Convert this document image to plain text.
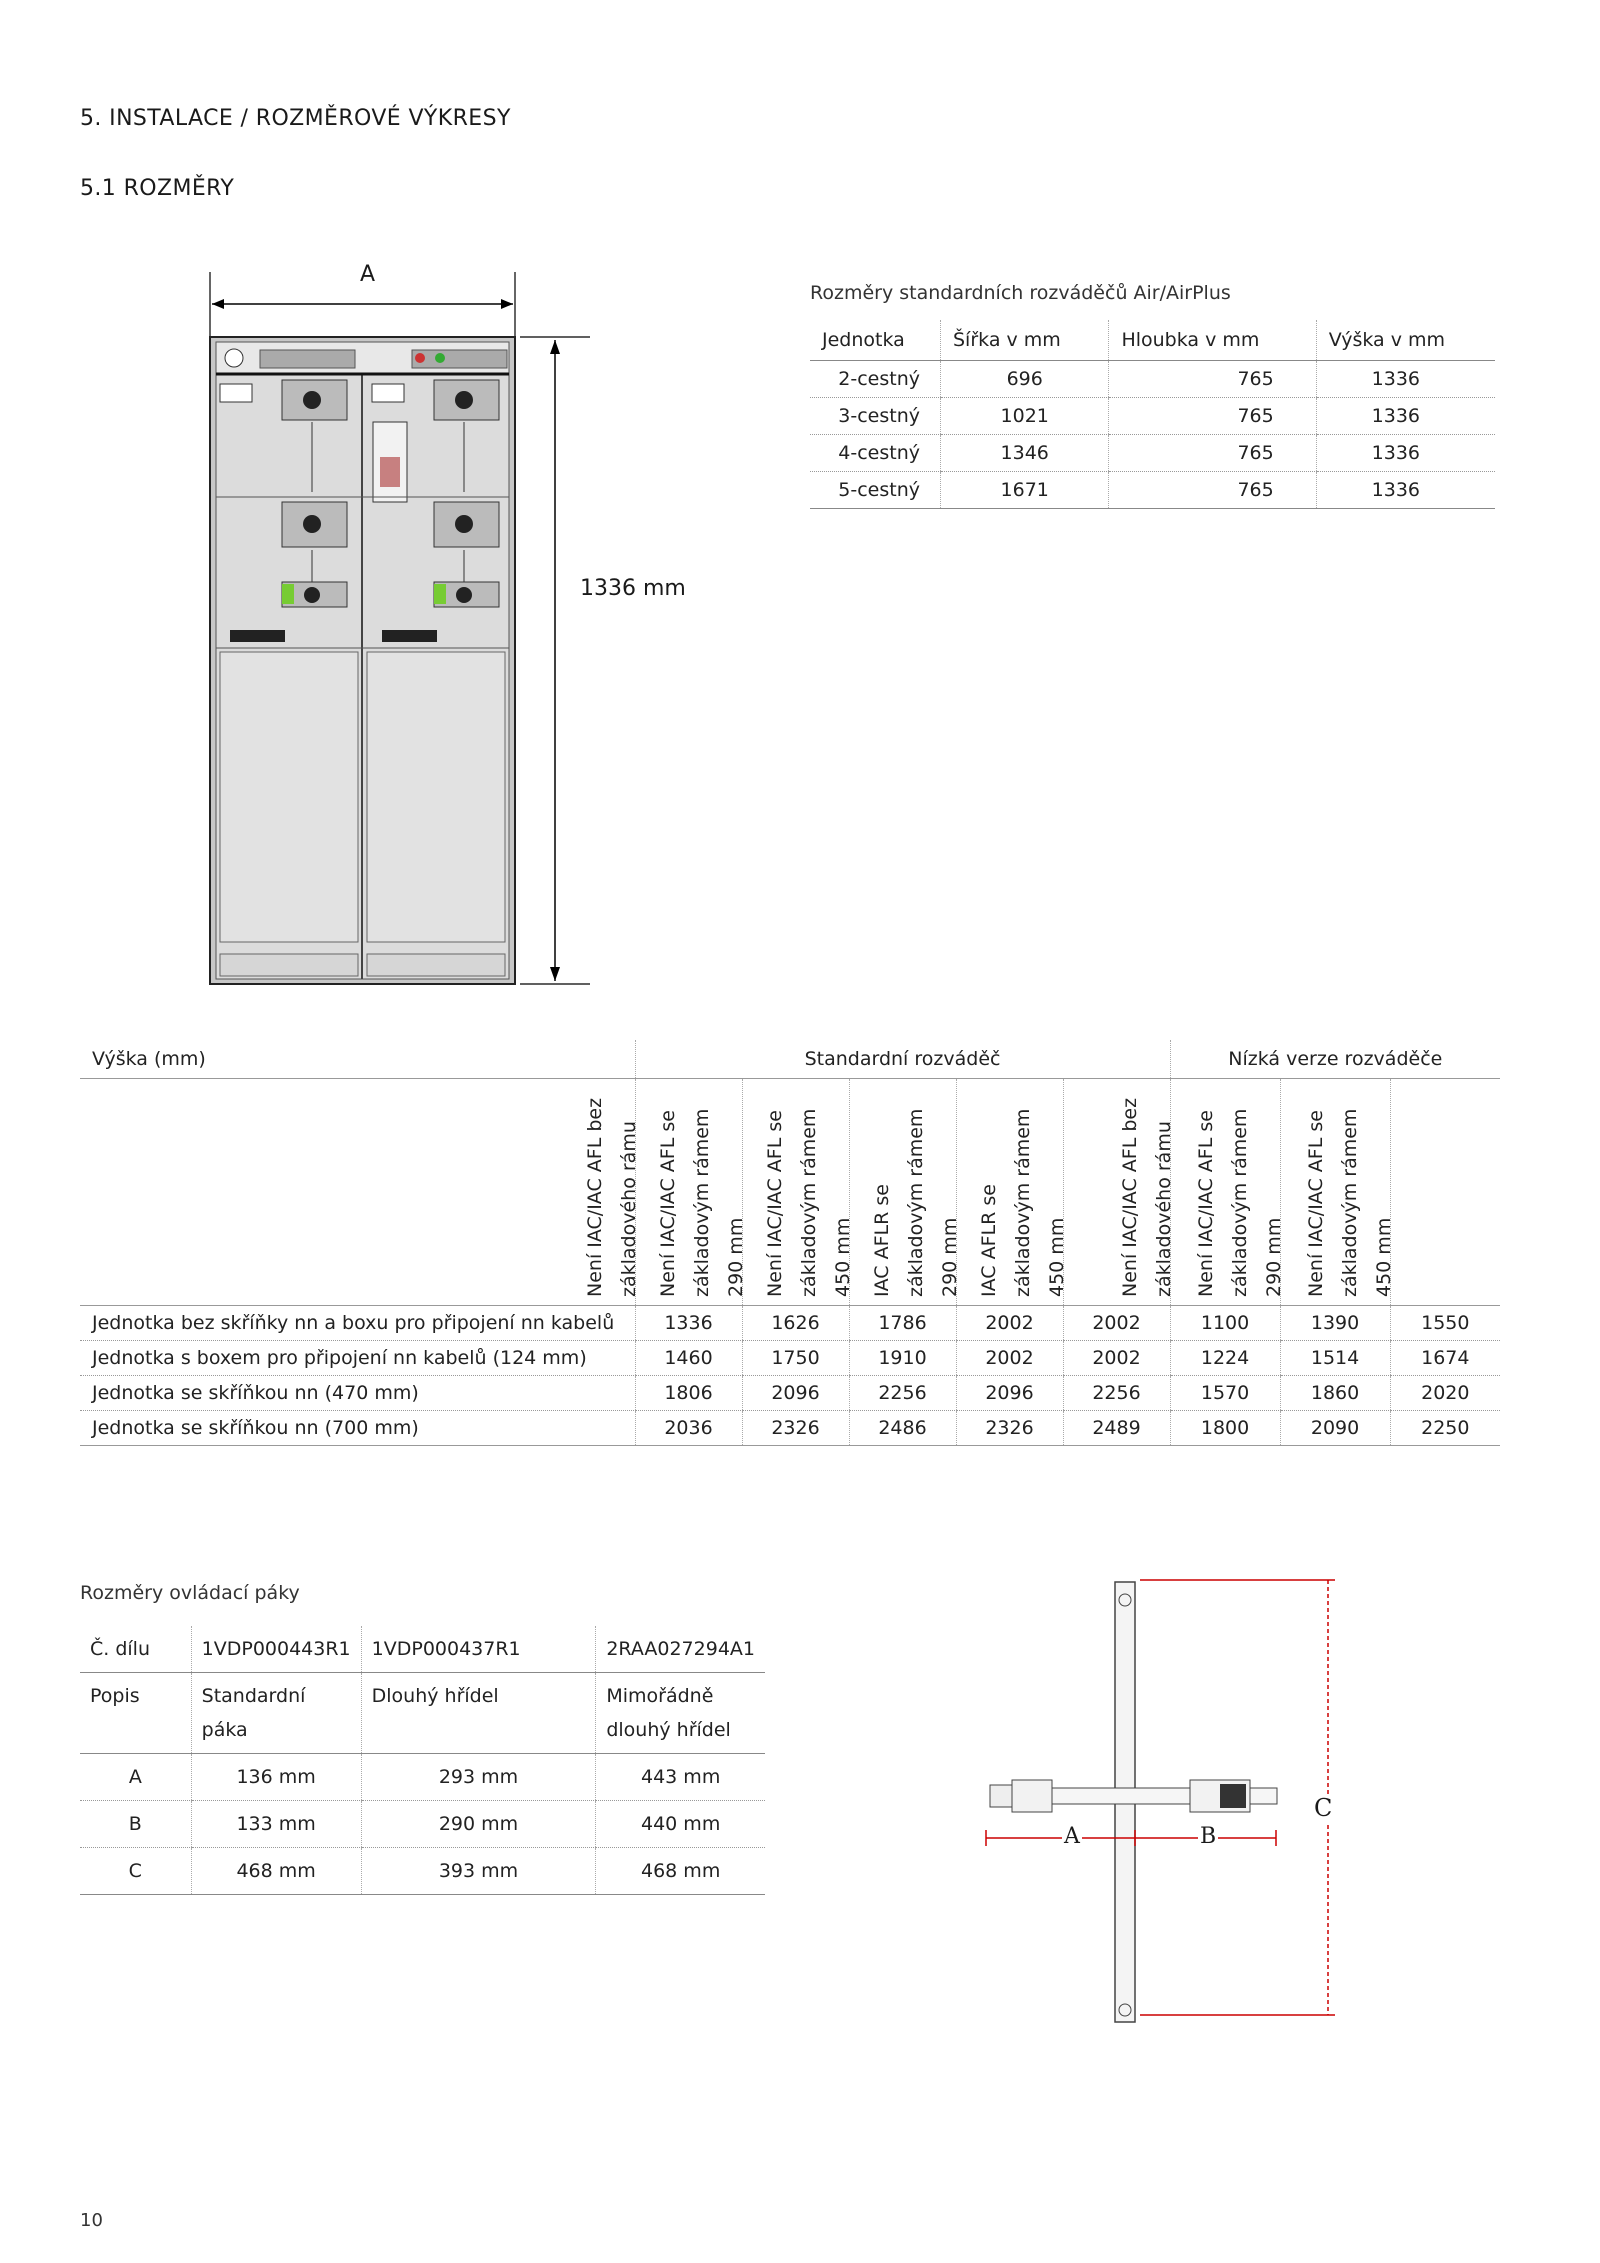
5. INSTALACE / ROZMĚROVÉ VÝKRESY
5.1 ROZMĚRY
A
1336 mm
Rozměry standardních rozváděčů Air/AirPlus
Jednotka	Šířka v mm	Hloubka v mm	Výška v mm
2-cestný	696	765	1336
3-cestný	1021	765	1336
4-cestný	1346	765	1336
5-cestný	1671	765	1336
Výška (mm)	Standardní rozváděč					Nízká verze rozváděče		

	Není IAC/IAC AFL bez základového rámu	Není IAC/IAC AFL se základovým rámem 290 mm	Není IAC/IAC AFL se základovým rámem 450 mm	IAC AFLR se základovým rámem 290 mm	IAC AFLR se základovým rámem 450 mm	Není IAC/IAC AFL bez základového rámu	Není IAC/IAC AFL se základovým rámem 290 mm	Není IAC/IAC AFL se základovým rámem 450 mm

Jednotka bez skříňky nn a boxu pro připojení nn kabelů	1336	1626	1786	2002	2002	1100	1390	1550
Jednotka s boxem pro připojení nn kabelů (124 mm)	1460	1750	1910	2002	2002	1224	1514	1674
Jednotka se skříňkou nn (470 mm)	1806	2096	2256	2096	2256	1570	1860	2020
Jednotka se skříňkou nn (700 mm)	2036	2326	2486	2326	2489	1800	2090	2250
Rozměry ovládací páky
Č. dílu	1VDP000443R1	1VDP000437R1	2RAA027294A1
Popis	Standardní páka	Dlouhý hřídel	Mimořádně dlouhý hřídel
A	136 mm	293 mm	443 mm
B	133 mm	290 mm	440 mm
C	468 mm	393 mm	468 mm
A	B
C
10
